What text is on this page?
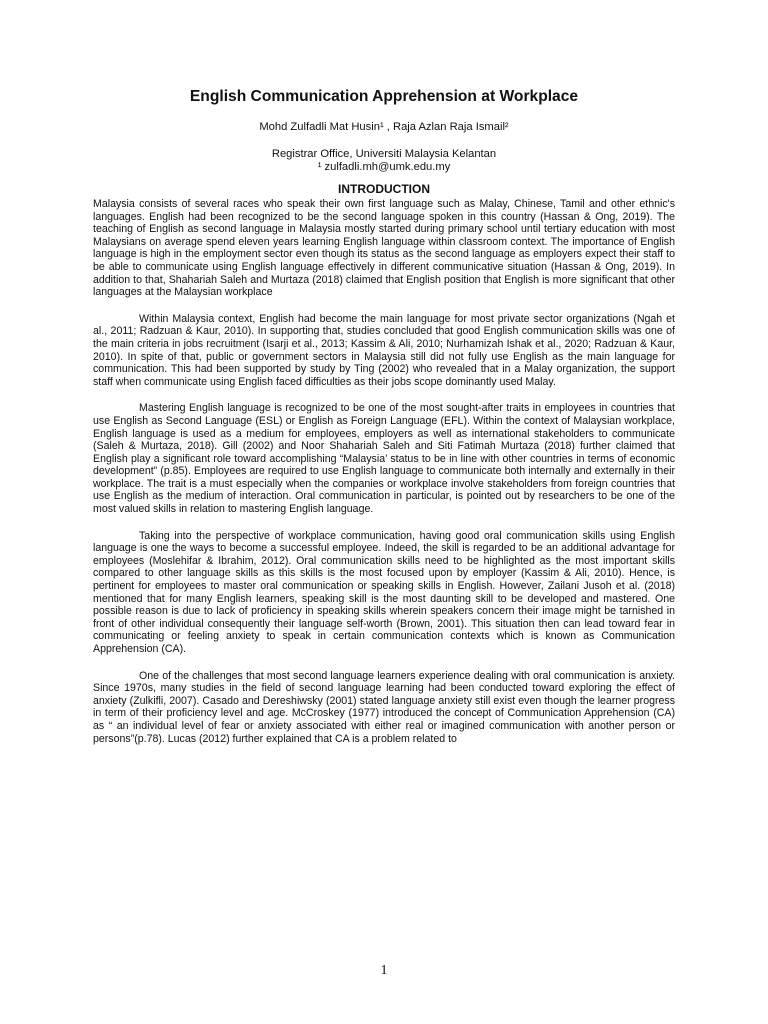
English Communication Apprehension at Workplace
Mohd Zulfadli Mat Husin¹ , Raja Azlan Raja Ismail²
Registrar Office, Universiti Malaysia Kelantan
¹ zulfadli.mh@umk.edu.my
INTRODUCTION

Malaysia consists of several races who speak their own first language such as Malay, Chinese, Tamil and other ethnic's languages. English had been recognized to be the second language spoken in this country (Hassan & Ong, 2019). The teaching of English as second language in Malaysia mostly started during primary school until tertiary education with most Malaysians on average spend eleven years learning English language within classroom context. The importance of English language is high in the employment sector even though its status as the second language as employers expect their staff to be able to communicate using English language effectively in different communicative situation (Hassan & Ong, 2019). In addition to that, Shahariah Saleh and Murtaza (2018) claimed that English position that English is more significant that other languages at the Malaysian workplace

Within Malaysia context, English had become the main language for most private sector organizations (Ngah et al., 2011; Radzuan & Kaur, 2010). In supporting that, studies concluded that good English communication skills was one of the main criteria in jobs recruitment (Isarji et al., 2013; Kassim & Ali, 2010; Nurhamizah Ishak et al., 2020; Radzuan & Kaur, 2010). In spite of that, public or government sectors in Malaysia still did not fully use English as the main language for communication. This had been supported by study by Ting (2002) who revealed that in a Malay organization, the support staff when communicate using English faced difficulties as their jobs scope dominantly used Malay.

Mastering English language is recognized to be one of the most sought-after traits in employees in countries that use English as Second Language (ESL) or English as Foreign Language (EFL). Within the context of Malaysian workplace, English language is used as a medium for employees, employers as well as international stakeholders to communicate (Saleh & Murtaza, 2018). Gill (2002) and Noor Shahariah Saleh and Siti Fatimah Murtaza (2018) further claimed that English play a significant role toward accomplishing “Malaysia’ status to be in line with other countries in terms of economic development” (p.85). Employees are required to use English language to communicate both internally and externally in their workplace. The trait is a must especially when the companies or workplace involve stakeholders from foreign countries that use English as the medium of interaction. Oral communication in particular, is pointed out by researchers to be one of the most valued skills in relation to mastering English language.

Taking into the perspective of workplace communication, having good oral communication skills using English language is one the ways to become a successful employee. Indeed, the skill is regarded to be an additional advantage for employees (Moslehifar & Ibrahim, 2012). Oral communication skills need to be highlighted as the most important skills compared to other language skills as this skills is the most focused upon by employer (Kassim & Ali, 2010). Hence, is pertinent for employees to master oral communication or speaking skills in English. However, Zailani Jusoh et al. (2018) mentioned that for many English learners, speaking skill is the most daunting skill to be developed and mastered. One possible reason is due to lack of proficiency in speaking skills wherein speakers concern their image might be tarnished in front of other individual consequently their language self-worth (Brown, 2001). This situation then can lead toward fear in communicating or feeling anxiety to speak in certain communication contexts which is known as Communication Apprehension (CA).

One of the challenges that most second language learners experience dealing with oral communication is anxiety. Since 1970s, many studies in the field of second language learning had been conducted toward exploring the effect of anxiety (Zulkifli, 2007). Casado and Dereshiwsky (2001) stated language anxiety still exist even though the learner progress in term of their proficiency level and age. McCroskey (1977) introduced the concept of Communication Apprehension (CA) as “ an individual level of fear or anxiety associated with either real or imagined communication with another person or persons”(p.78). Lucas (2012) further explained that CA is a problem related to

1
